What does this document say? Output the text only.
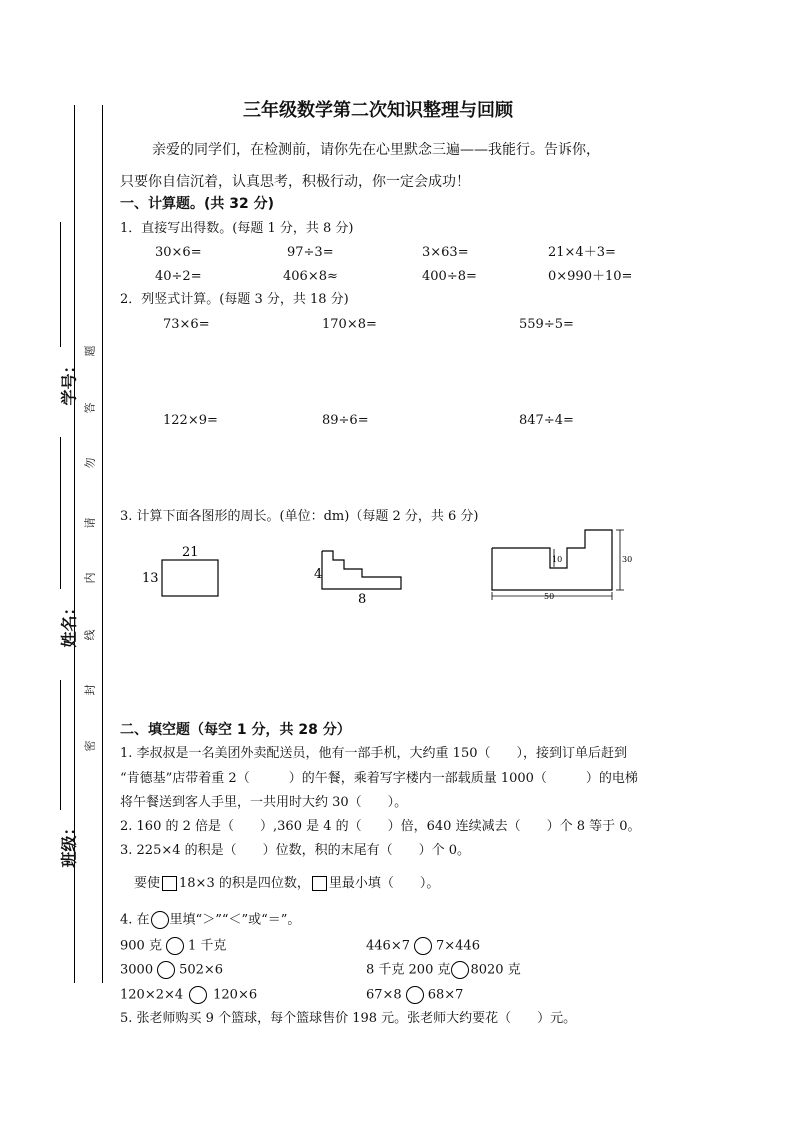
学号：
姓名：
班级：
题
答
勿
请
内
线
封
密
三年级数学第二次知识整理与回顾
亲爱的同学们，在检测前，请你先在心里默念三遍——我能行。告诉你，
只要你自信沉着，认真思考，积极行动，你一定会成功！
一、计算题。(共 32 分)
1．直接写出得数。(每题 1 分，共 8 分)
30×6=	97÷3=	3×63=	21×4＋3=
40÷2=	406×8≈	400÷8=	0×990＋10=
2．列竖式计算。(每题 3 分，共 18 分)
73×6=	170×8=	559÷5=
122×9=	89÷6=	847÷4=
3. 计算下面各图形的周长。(单位：dm)（每题 2 分，共 6 分)
21
13	4
8
10	30
50
二、填空题（每空 1 分，共 28 分）
1. 李叔叔是一名美团外卖配送员，他有一部手机，大约重 150（　　），接到订单后赶到
“肯德基”店带着重 2（　　　）的午餐，乘着写字楼内一部载质量 1000（　　　）的电梯
将午餐送到客人手里，一共用时大约 30（　　）。
2. 160 的 2 倍是（　　）,360 是 4 的（　　）倍，640 连续减去（　　）个 8 等于 0。
3. 225×4 的积是（　　）位数，积的末尾有（　　）个 0。
要使 18×3 的积是四位数， 里最小填（　　）。
4. 在 里填“＞”“＜”或“＝”。
900 克 1 千克	446×7 7×446
3000 502×6	8 千克 200 克 8020 克
120×2×4 120×6	67×8 68×7
5. 张老师购买 9 个篮球，每个篮球售价 198 元。张老师大约要花（　　）元。
